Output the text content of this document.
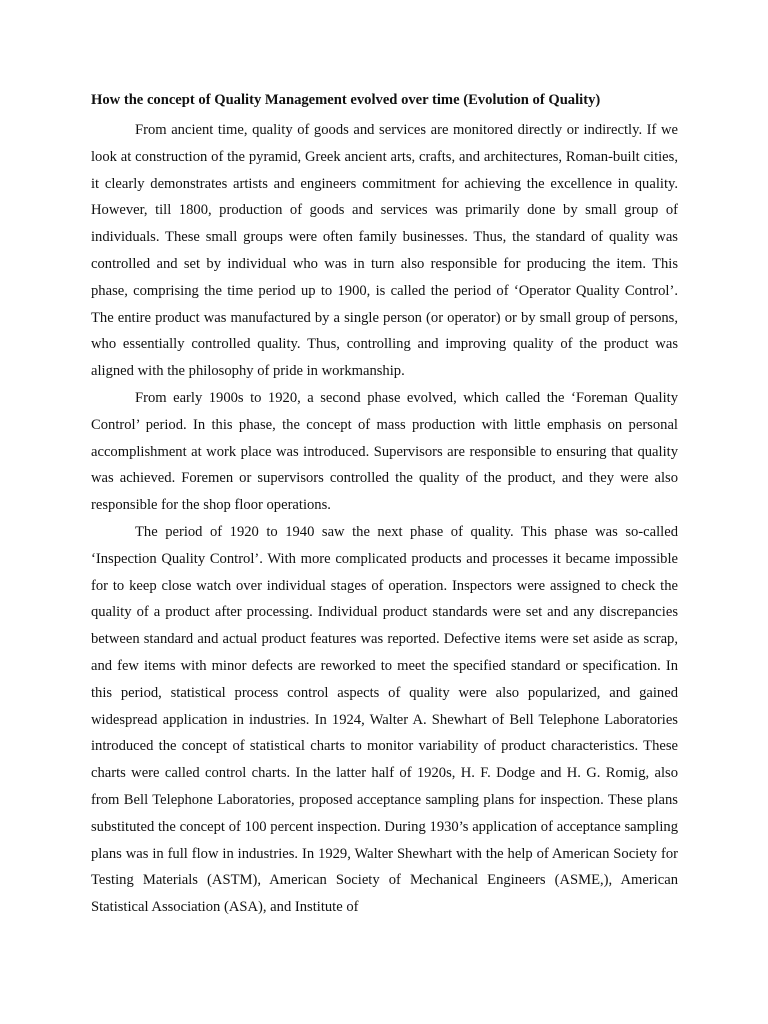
How the concept of Quality Management evolved over time (Evolution of Quality)

From ancient time, quality of goods and services are monitored directly or indirectly. If we look at construction of the pyramid, Greek ancient arts, crafts, and architectures, Roman-built cities, it clearly demonstrates artists and engineers commitment for achieving the excellence in quality. However, till 1800, production of goods and services was primarily done by small group of individuals. These small groups were often family businesses. Thus, the standard of quality was controlled and set by individual who was in turn also responsible for producing the item. This phase, comprising the time period up to 1900, is called the period of ‘Operator Quality Control’. The entire product was manufactured by a single person (or operator) or by small group of persons, who essentially controlled quality. Thus, controlling and improving quality of the product was aligned with the philosophy of pride in workmanship.

From early 1900s to 1920, a second phase evolved, which called the ‘Foreman Quality Control’ period. In this phase, the concept of mass production with little emphasis on personal accomplishment at work place was introduced. Supervisors are responsible to ensuring that quality was achieved. Foremen or supervisors controlled the quality of the product, and they were also responsible for the shop floor operations.

The period of 1920 to 1940 saw the next phase of quality. This phase was so-called ‘Inspection Quality Control’. With more complicated products and processes it became impossible for to keep close watch over individual stages of operation. Inspectors were assigned to check the quality of a product after processing. Individual product standards were set and any discrepancies between standard and actual product features was reported. Defective items were set aside as scrap, and few items with minor defects are reworked to meet the specified standard or specification. In this period, statistical process control aspects of quality were also popularized, and gained widespread application in industries. In 1924, Walter A. Shewhart of Bell Telephone Laboratories introduced the concept of statistical charts to monitor variability of product characteristics. These charts were called control charts. In the latter half of 1920s, H. F. Dodge and H. G. Romig, also from Bell Telephone Laboratories, proposed acceptance sampling plans for inspection. These plans substituted the concept of 100 percent inspection. During 1930’s application of acceptance sampling plans was in full flow in industries. In 1929, Walter Shewhart with the help of American Society for Testing Materials (ASTM), American Society of Mechanical Engineers (ASME,), American Statistical Association (ASA), and Institute of
